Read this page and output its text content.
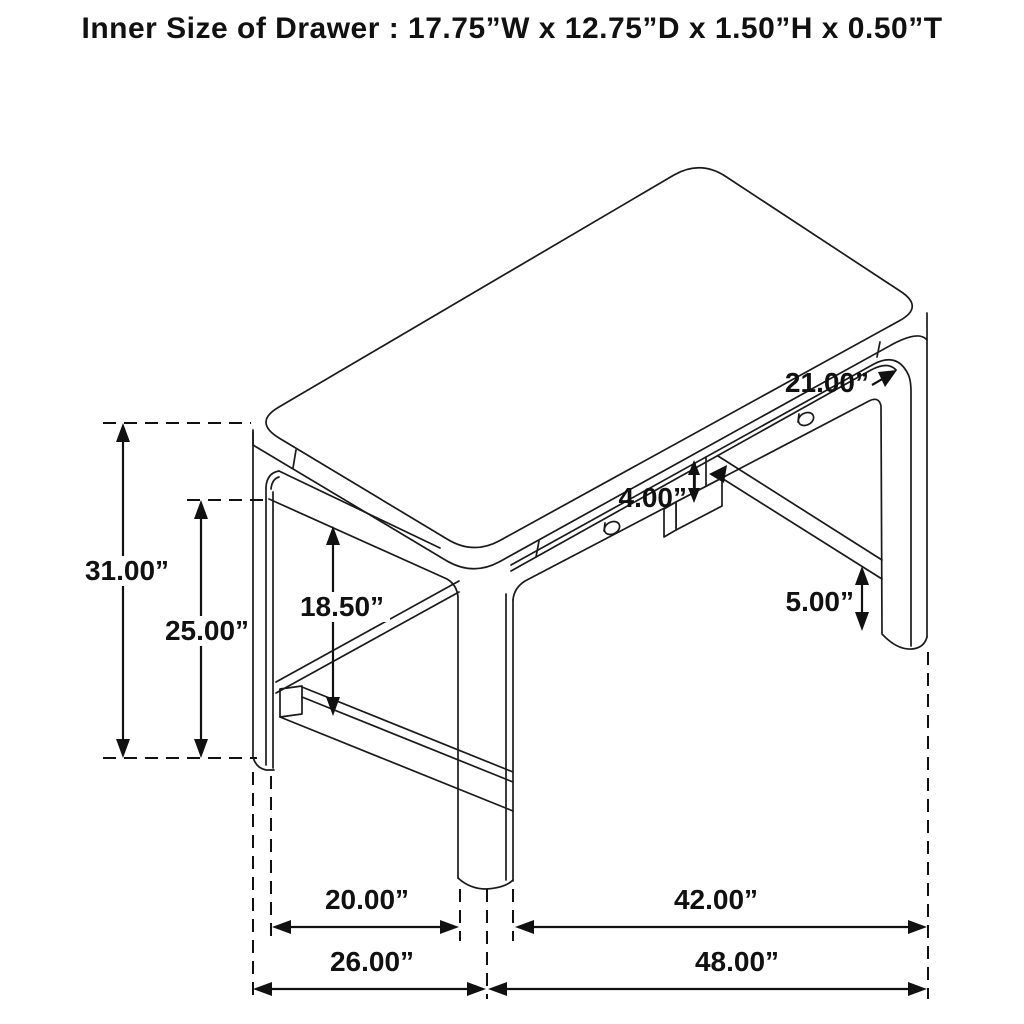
Inner Size of Drawer : 17.75”W x 12.75”D x 1.50”H x 0.50”T
31.00”
25.00”
18.50”
4.00”
21.00”
5.00”
20.00”	42.00”
26.00”	48.00”
